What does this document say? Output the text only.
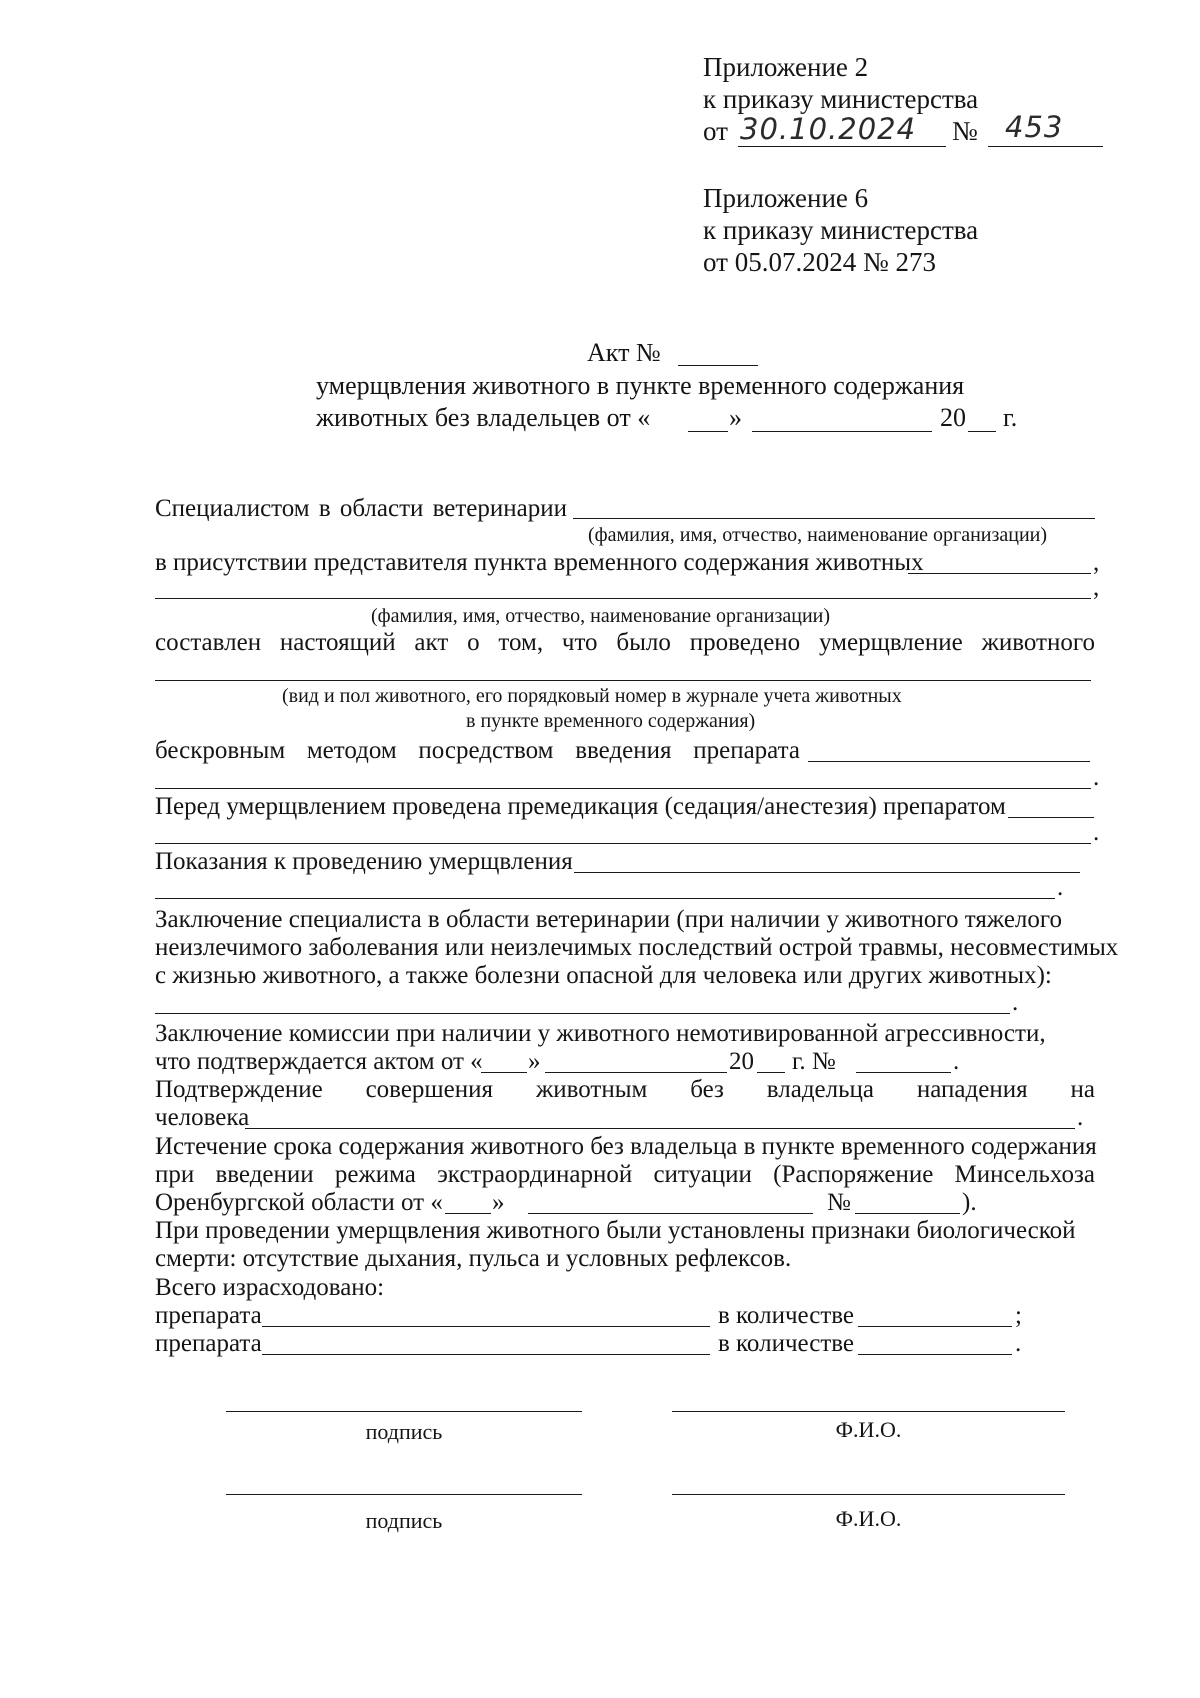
Приложение 2
к приказу министерства
от 30.10.2024 № 453
Приложение 6
к приказу министерства
от 05.07.2024 № 273
Акт №
умерщвления животного в пункте временного содержания
животных без владельцев от «	»	20 г.
Специалистом в области ветеринарии
(фамилия, имя, отчество, наименование организации)
в присутствии представителя пункта временного содержания животных	,
,
(фамилия, имя, отчество, наименование организации)
составлен настоящий акт о том, что было проведено умерщвление животного
(вид и пол животного, его порядковый номер в журнале учета животных
в пункте временного содержания)
бескровным методом посредством введения препарата
.
Перед умерщвлением проведена премедикация (седация/анестезия) препаратом
.
Показания к проведению умерщвления
.
Заключение специалиста в области ветеринарии (при наличии у животного тяжелого
неизлечимого заболевания или неизлечимых последствий острой травмы, несовместимых
с жизнью животного, а также болезни опасной для человека или других животных):
.
Заключение комиссии при наличии у животного немотивированной агрессивности,
что подтверждается актом от « »	20 г. №	.
Подтверждение совершения животным без владельца нападения на
человека	.
Истечение срока содержания животного без владельца в пункте временного содержания
при введении режима экстраординарной ситуации (Распоряжение Минсельхоза
Оренбургской области от « »	№	).
При проведении умерщвления животного были установлены признаки биологической
смерти: отсутствие дыхания, пульса и условных рефлексов.
Всего израсходовано:
препарата	в количестве	;
препарата	в количестве	.
подпись	Ф.И.О.
подпись	Ф.И.О.
